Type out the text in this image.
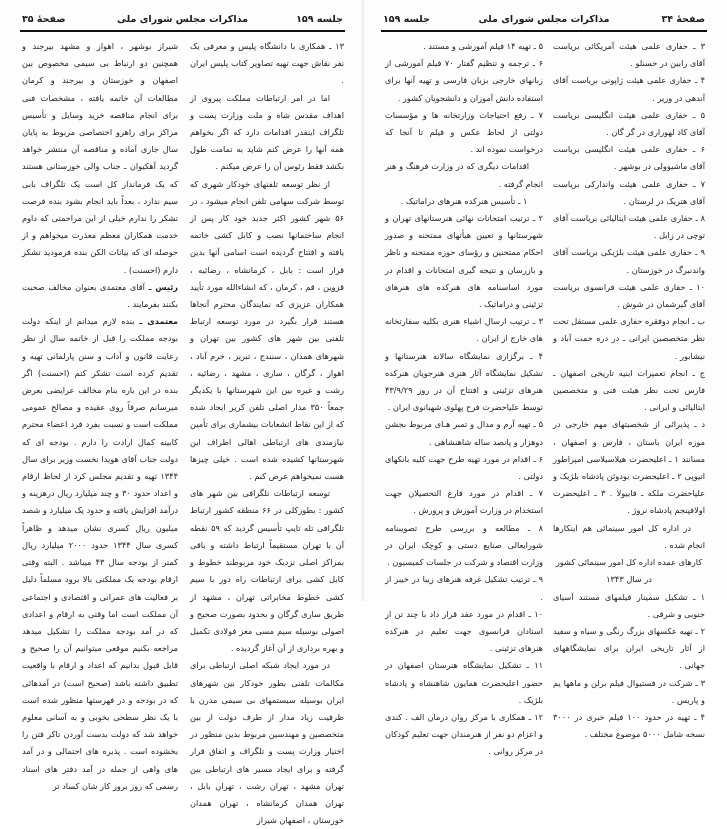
جلسه ۱۵۹
مذاکرات مجلس شورای ملی
صفحهٔ ۳۵

۱۳ ـ همکاری با دانشگاه پلیس و معرفی یک نفر نقاش جهت تهیه تصاویر کتاب پلیس ایران .

اما در امر ارتباطات مملکت پیروی از اهداف مقدس شاه و ملت وزارت پست و تلگراف اینقدر اقدامات دارد که اگر بخواهم همه آنها را عرض کنم شاید به تمامت طول بکشد فقط رئوس آن را عرض میکنم .

از نظر توسعه تلفنهای خودکار شهری که توسط شرکت سهامی تلفن انجام میشود ، در ۵۶ شهر کشور اکثر جدید خود کار پس از انجام ساختمانها نصب و کابل کشی خاتمه یافته و افتتاح گردیده است اسامی آنها بدین قرار است : بابل ، کرمانشاه ، رضائیه ، قزوین ، قم ، کرمان ، که انشاءالله مورد تأیید همکاران عزیزی که نمایندگان محترم آنجاها هستند قرار بگیرد در مورد توسعه ارتباط تلفنی بین شهر های کشور بین تهران و شهرهای همدان ، سنندج ، تبریز ، خرم آباد ، اهواز ، گرگان ، ساری ، مشهد ، رضائیه ، رشت و غیره بین این شهرستانها با یکدیگر جمعاً ۳۵۰ مدار اصلی تلفن کریر ایجاد شده که از این نقاط انشعابات بیشماری برای تأمین نیازمندی های ارتباطی اهالی اطراف این شهرستانها کشیده شده است . خیلی چیزها هست نمیخواهم عرض کنم .

توسعه ارتباطات تلگرافی بین شهر های کشور : بطورکلی در ۶۶ منطقه کشور ارتباط تلگرافی تله تایپ تأسیس گردید که ۵۹ نقطه آن با تهران مستقیماً ارتباط داشته و باقی بمراکز اصلی نزدیک خود مربوطند خطوط و کابل کشی برای ارتباطات راه دور با سیم کشی خطوط مخابراتی تهران ، مشهد از طریق ساری گرگان و بحدود بصورت صحیح و اصولی بوسیله سیم مسی مغز فولادی تکمیل و بهره برداری از آن آغاز گردیده .

در مورد ایجاد شبکه اصلی ارتباطی برای مکالمات تلفنی بطور خودکار بین شهرهای ایران بوسیله سیستمهای بی سیمی مدرن با ظرفیت زیاد مدار از طرف دولت از بین متخصصین و مهندسین مربوط بدین منظور در اختیار وزارت پست و تلگراف و اتفاق قرار گرفته و برای ایجاد مسیر های ارتباطی بین تهران مشهد ، تهران رشت ، تهران بابل ، تهران همدان کرمانشاه ، تهران همدان خوزستان ، اصفهان شیراز

شیراز بوشهر ، اهواز و مشهد بیرجند و همچنین دو ارتباط بی سیمی مخصوص بین اصفهان و خوزستان و بیرجند و کرمان مطالعات آن خاتمه یافته ، مشخصات فنی برای انجام مناقصه خرید وسایل و تأسیس مراکز برای راهرو اختصاصی مربوط به پایان سال جاری آماده و مناقصه آن منتشر خواهد گردید آهکیوان ـ جناب والی خوزستانی هستند که یک فرماندار کل است یک تلگراف بابی سیم ندارد ، بعداً باید انجام بشود بنده فرصت تشکر را ندارم خیلی از این مراحمتی که داوم خدمت همکاران معظم معذرت میخواهم و از حوصله ای که بیانات الکن بنده فرمودید تشکر دارم (احسنت) .

رئیس ـ آقای معتمدی بعنوان مخالف صحبت بکنند بفرمایند .

معتمدی ـ بنده لازم میدانم از اینکه دولت بودجه مملکت را قبل از خاتمه سال از نظر رعایت قانون و آداب و سنن پارلمانی تهیه و تقدیم کرده است تشکر کنم (احسنت) اگر بنده در این باره بنام مخالف عرایضی بعرض میرسانم صرفاً روی عقیده و مصالح عمومی مملکت است و نسبت بفرد فرد اعضاء محترم کابینه کمال ارادت را دارم . بودجه ای که دولت جناب آقای هویدا نخست وزیر برای سال ۱۳۴۴ تهیه و تقدیم مجلس کرد از لحاظ ارقام و اعداد حدود ۳۰ و چند میلیارد ریال درهزینه و درآمد افزایش یافته و حدود یک میلیارد و شصد میلیون ریال کسری نشان میدهد و ظاهراً کسری سال ۱۳۴۴ حدود ۲۰۰۰ میلیارد ریال کمتر از بودجه سال ۴۳ میباشد . البته وقتی ارقام بودجه یک مملکتی بالا برود مسلماً دلیل بر فعالیت های عمرانی و اقتصادی و اجتماعی آن مملکت است اما وقتی به ارقام و اعدادی که در آمد بودجه مملکت را تشکیل میدهد مراجعه بکنیم موقعی میتوانیم آن را صحیح و قابل قبول بدانیم که اعداد و ارقام با واقعیت تطبیق داشته باشد (صحیح است) در آمدهائی که در بودجه و در فهرستها منظور شده است با یک نظر سطحی بخوبی و به آسانی معلوم خواهد شد که دولت بدست آوردن تاکر فتن را بخشوده است . پذیره های احتمالی و در آمد های واهی از جمله در آمد دفتر های اسناد رسمی که روز بروز کار شان کساد تر

صفحهٔ ۳۴
مذاکرات مجلس شورای ملی
جلسه ۱۵۹

۳ ـ حفاری علمی هیئت آمریکائی بریاست آقای رابین در حسنلو .

۴ ـ حفاری علمی هیئت ژاپونی بریاست آقای آندهی در وزیر .

۵ ـ حفاری علمی هیئت انگلیسی بریاست آقای کاذ لهوراری در گر گان .

۶ ـ حفاری علمی هیئت انگلیسی بریاست آقای ماشیوولی در بوشهر .

۷ ـ حفاری علمی هیئت واندارکی بریاست آقای هتریک در لرستان .

۸ ـ حفاری علمی هیئت ایتالیائی بریاست آقای توچی در زابل .

۹ ـ حفاری علمی هیئت بلژیکی بریاست آقای واندنبرگ در خوزستان .

۱۰ ـ حفاری علمی هیئت فرانسوی بریاست آقای گیرشمان در شوش .

ب ـ انجام دوفقره حفاری علمی مستقل تحت نظر متخصصین ایرانی ـ در دره حمت آباد و نیشابور .

ج ـ انجام تعمیرات ابنیه تاریخی اصفهان ـ فارس تحت نظر هیئت فنی و متخصصین ایتالیائی و ایرانی .

د ـ پذیرائی از شخصیتهای مهم خارجی در موزه ایران باستان ، فارس و اصفهان ، مسانند ۱ ـ اعلیحضرت هیلاسیلاسی امپراطور اتیوپی ۲ ـ اعلیحضرت بودوئن پادشاه بلژیک و علیاحضرت ملکه ـ فابیولا . ۳ ـ اعلیحضرت اولافپنجم پادشاه نروژ .

در اداره کل امور سینمائی هم اینکارها انجام شده .

کارهای عمده اداره کل امور سینمائی کشور

در سال ۱۳۴۳

۱ ـ تشکیل سمینار فیلمهای مستند آسیای جنوبی و شرقی .

۲ ـ تهیه عکسهای بزرگ رنگی و سیاه و سفید از آثار تاریخی ایران برای نمایشگاههای جهانی .

۳ ـ شرکت در فستیوال فیلم برلن و ماهها یم و پاریس .

۴ ـ تهیه در حدود ۱۰۰ فیلم خبری در ۳۰۰۰ نسخه شامل ۵۰۰۰ موضوع مختلف .

۵ ـ تهیه ۱۴ فیلم آموزشی و مستند .

۶ ـ ترجمه و تنظیم گفتار ۷۰ فیلم آموزشی از زبانهای خارجی بزبان فارسی و تهیه آنها برای استفاده دانش آموزان و دانشجویان کشور .

۷ ـ رفع احتیاجات وزارتخانه ها و مؤسسات دولتی از لحاظ عکس و فیلم تا آنجا که درخواست نموده اند .

اقدامات دیگری که در وزارت فرهنگ و هنر انجام گرفته .

۱ ـ تأسیس هنرکده هنرهای دراماتیک .

۲ ـ ترتیب امتحانات نهائی هنرستانهای تهران و شهرستانها و تعیین هیأتهای ممتحنه و صدور احکام ممتحنین و رؤسای حوزه ممتحنه و ناظر و بازرسان و نتیجه گیری امتحانات و اقدام در مورد اساسنامه های هنرکده های هنرهای تزئینی و دراماتیک .

۳ ـ ترتیب ارسال اشیاء هنری بکلیه سفارتخانه های خارج از ایران .

۴ ـ برگزاری نمایشگاه سالانه هنرستانها و تشکیل نمایشگاه آثار هنری هنرجویان هنرکده هنرهای تزئینی و افتتاح آن در روز ۴۳/۹/۲۹ توسط علیاحضرت فرح پهلوی شهبانوی ایران .

۵ ـ تهیه آرم و مدال و تمبر هـای مربوط بجشن دوهزار و پانصد ساله شاهنشاهی .

۶ ـ اقدام در مورد تهیه طرح جهت کلیه بانکهای دولتی .

۷ ـ اقدام در مورد فارغ التحصیلان جهت استخدام در وزارت آموزش و پرورش .

۸ ـ مطالعه و بررسی طرح تصویبنامه شورایعالی صنایع دستی و کوچک ایران در وزارت اقتصاد و شرکت در جلسات کمیسیون .

۹ ـ ترتیب تشکیل غرفه هنرهای زیبا در خیبر از .

۱۰ ـ اقدام در مورد عقد قرار داد با چند تن از استادان فرانسوی جهت تعلیم در هنرکده هنرهای تزئینی .

۱۱ ـ تشکیل نمایشگاه هنرستان اصفهان در حضور اعلیحضرت همایون شاهنشاه و پادشاه بلژیک .

۱۲ ـ همکاری با مرکز روان درمان الف . کندی و اعزام دو نفر از هنرمندان جهت تعلیم کودکان در مرکز روانی .
